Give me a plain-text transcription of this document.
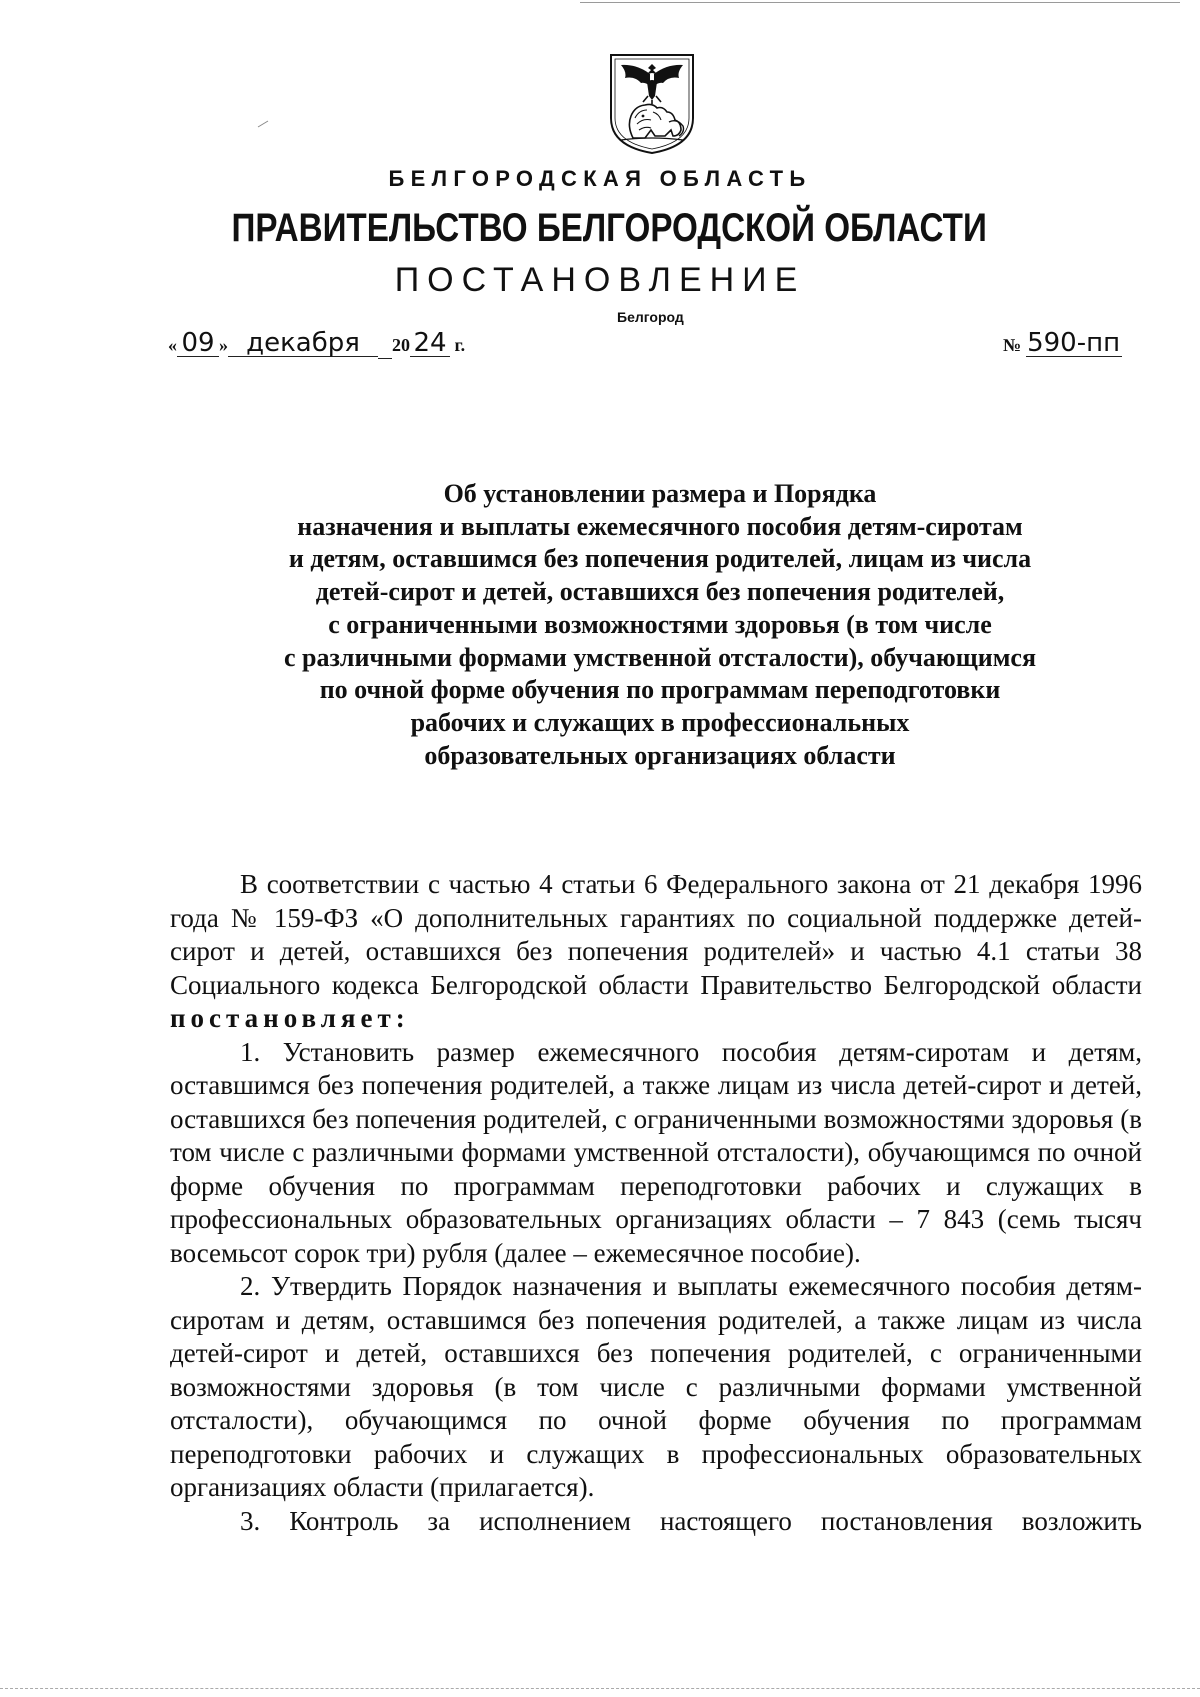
БЕЛГОРОДСКАЯ ОБЛАСТЬ
ПРАВИТЕЛЬСТВО БЕЛГОРОДСКОЙ ОБЛАСТИ
ПОСТАНОВЛЕНИЕ
Белгород
« 09 » декабря 20 24 г.	№ 590-пп
Об установлении размера и Порядка
назначения и выплаты ежемесячного пособия детям-сиротам
и детям, оставшимся без попечения родителей, лицам из числа
детей-сирот и детей, оставшихся без попечения родителей,
с ограниченными возможностями здоровья (в том числе
с различными формами умственной отсталости), обучающимся
по очной форме обучения по программам переподготовки
рабочих и служащих в профессиональных
образовательных организациях области

В соответствии с частью 4 статьи 6 Федерального закона от 21 декабря 1996 года № 159-ФЗ «О дополнительных гарантиях по социальной поддержке детей-сирот и детей, оставшихся без попечения родителей» и частью 4.1 статьи 38 Социального кодекса Белгородской области Правительство Белгородской области постановляет:

1. Установить размер ежемесячного пособия детям-сиротам и детям, оставшимся без попечения родителей, а также лицам из числа детей-сирот и детей, оставшихся без попечения родителей, с ограниченными возможностями здоровья (в том числе с различными формами умственной отсталости), обучающимся по очной форме обучения по программам переподготовки рабочих и служащих в профессиональных образовательных организациях области – 7 843 (семь тысяч восемьсот сорок три) рубля (далее – ежемесячное пособие).

2. Утвердить Порядок назначения и выплаты ежемесячного пособия детям-сиротам и детям, оставшимся без попечения родителей, а также лицам из числа детей-сирот и детей, оставшихся без попечения родителей, с ограниченными возможностями здоровья (в том числе с различными формами умственной отсталости), обучающимся по очной форме обучения по программам переподготовки рабочих и служащих в профессиональных образовательных организациях области (прилагается).

3. Контроль за исполнением настоящего постановления возложить
